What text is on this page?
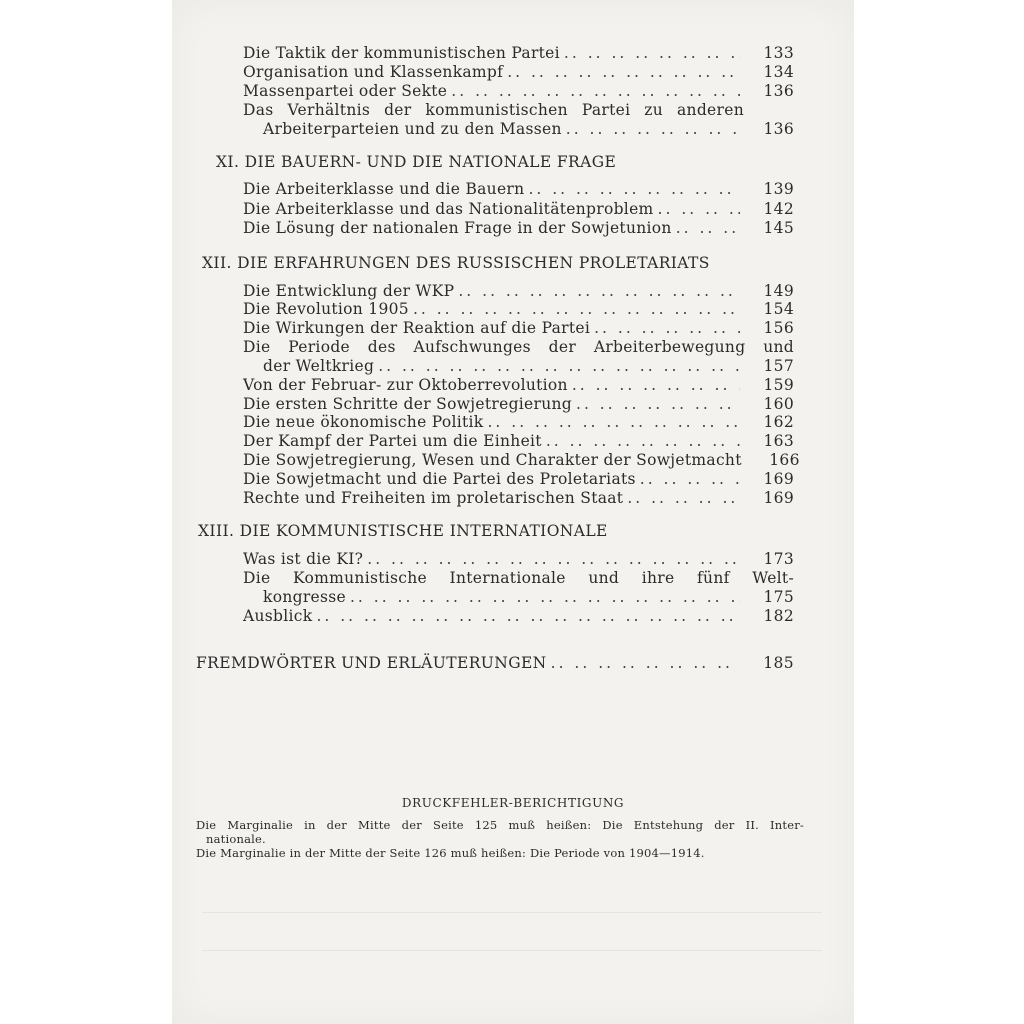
Die Taktik der kommunistischen Partei .. ..	133
Organisation und Klassenkampf .. ..	134
Massenpartei oder Sekte .. ..	136
Das Verhältnis der kommunistischen Partei zu anderen
Arbeiterparteien und zu den Massen .. ..	136
XI. DIE BAUERN- UND DIE NATIONALE FRAGE
Die Arbeiterklasse und die Bauern .. ..	139
Die Arbeiterklasse und das Nationalitätenproblem .. ..	142
Die Lösung der nationalen Frage in der Sowjetunion .. ..	145
XII. DIE ERFAHRUNGEN DES RUSSISCHEN PROLETARIATS
Die Entwicklung der WKP .. ..	149
Die Revolution 1905 .. ..	154
Die Wirkungen der Reaktion auf die Partei .. ..	156
Die Periode des Aufschwunges der Arbeiterbewegung und
der Weltkrieg .. ..	157
Von der Februar- zur Oktoberrevolution .. ..	159
Die ersten Schritte der Sowjetregierung .. ..	160
Die neue ökonomische Politik .. ..	162
Der Kampf der Partei um die Einheit .. ..	163
Die Sowjetregierung, Wesen und Charakter der Sowjetmacht	166
Die Sowjetmacht und die Partei des Proletariats .. ..	169
Rechte und Freiheiten im proletarischen Staat .. ..	169
XIII. DIE KOMMUNISTISCHE INTERNATIONALE
Was ist die KI? .. ..	173
Die Kommunistische Internationale und ihre fünf Welt-
kongresse .. ..	175
Ausblick .. ..	182
FREMDWÖRTER UND ERLÄUTERUNGEN .. ..	185
DRUCKFEHLER-BERICHTIGUNG
Die Marginalie in der Mitte der Seite 125 muß heißen: Die Entstehung der II. Inter-
nationale.
Die Marginalie in der Mitte der Seite 126 muß heißen: Die Periode von 1904—1914.
